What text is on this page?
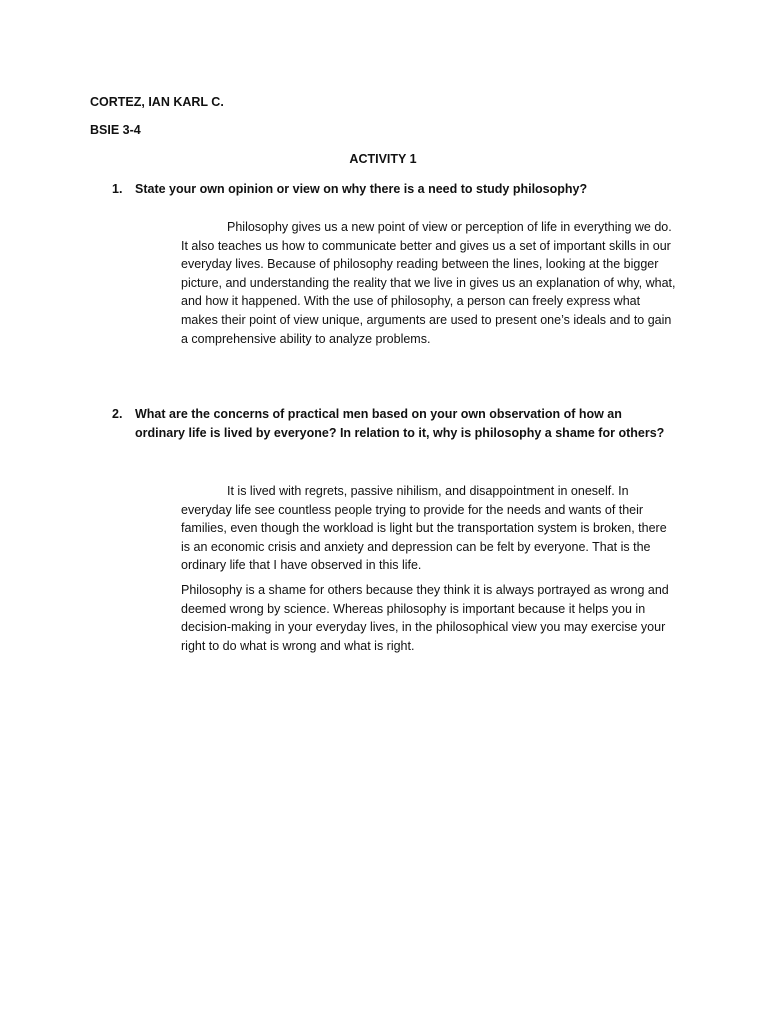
CORTEZ, IAN KARL C.
BSIE 3-4
ACTIVITY 1
1. State your own opinion or view on why there is a need to study philosophy?

Philosophy gives us a new point of view or perception of life in everything we do. It also teaches us how to communicate better and gives us a set of important skills in our everyday lives. Because of philosophy reading between the lines, looking at the bigger picture, and understanding the reality that we live in gives us an explanation of why, what, and how it happened. With the use of philosophy, a person can freely express what makes their point of view unique, arguments are used to present one’s ideals and to gain a comprehensive ability to analyze problems.

2. What are the concerns of practical men based on your own observation of how an ordinary life is lived by everyone? In relation to it, why is philosophy a shame for others?

It is lived with regrets, passive nihilism, and disappointment in oneself. In everyday life see countless people trying to provide for the needs and wants of their families, even though the workload is light but the transportation system is broken, there is an economic crisis and anxiety and depression can be felt by everyone. That is the ordinary life that I have observed in this life.

Philosophy is a shame for others because they think it is always portrayed as wrong and deemed wrong by science. Whereas philosophy is important because it helps you in decision-making in your everyday lives, in the philosophical view you may exercise your right to do what is wrong and what is right.
